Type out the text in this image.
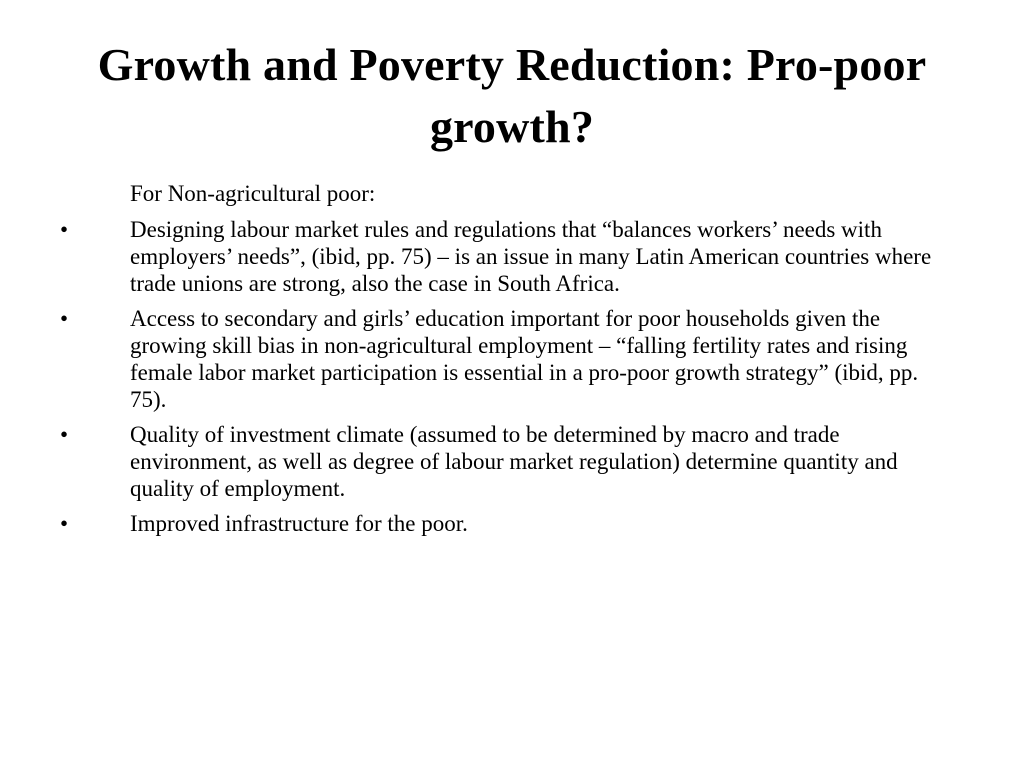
Growth and Poverty Reduction: Pro-poor growth?
For Non-agricultural poor:
•	Designing labour market rules and regulations that “balances workers’ needs with employers’ needs”, (ibid, pp. 75) – is an issue in many Latin American countries where trade unions are strong, also the case in South Africa.
•	Access to secondary and girls’ education important for poor households given the growing skill bias in non-agricultural employment – “falling fertility rates and rising female labor market participation is essential in a pro-poor growth strategy” (ibid, pp. 75).
•	Quality of investment climate (assumed to be determined by macro and trade environment, as well as degree of labour market regulation) determine quantity and quality of employment.
•	Improved infrastructure for the poor.
